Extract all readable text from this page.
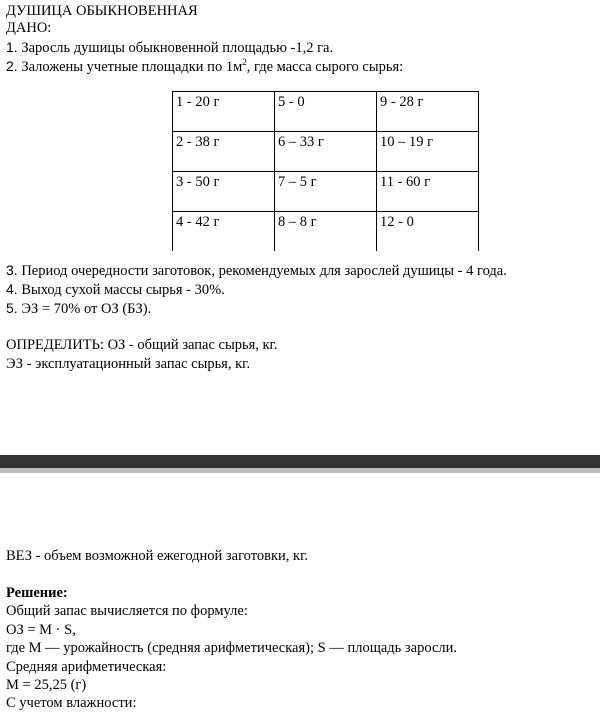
ДУШИЦА ОБЫКНОВЕННАЯ
ДАНО:
1. Заросль душицы обыкновенной площадью -1,2 га.
2. Заложены учетные площадки по $1м^2$, где масса сырого сырья:
1 - 20 г	5 - 0	9 - 28 г
2 - 38 г	6 – 33 г	10 – 19 г
3 - 50 г	7 – 5 г	11 - 60 г
4 - 42 г	8 – 8 г	12 - 0
3. Период очередности заготовок, рекомендуемых для зарослей душицы - 4 года.
4. Выход сухой массы сырья - 30%.
5. ЭЗ = 70% от ОЗ (БЗ).
ОПРЕДЕЛИТЬ: ОЗ - общий запас сырья, кг.
ЭЗ - эксплуатационный запас сырья, кг.
ВЕЗ - объем возможной ежегодной заготовки, кг.
Решение:
Общий запас вычисляется по формуле:
ОЗ = М · S,
где М — урожайность (средняя арифметическая); S — площадь заросли.
Средняя арифметическая:
М = 25,25 (г)
С учетом влажности:
